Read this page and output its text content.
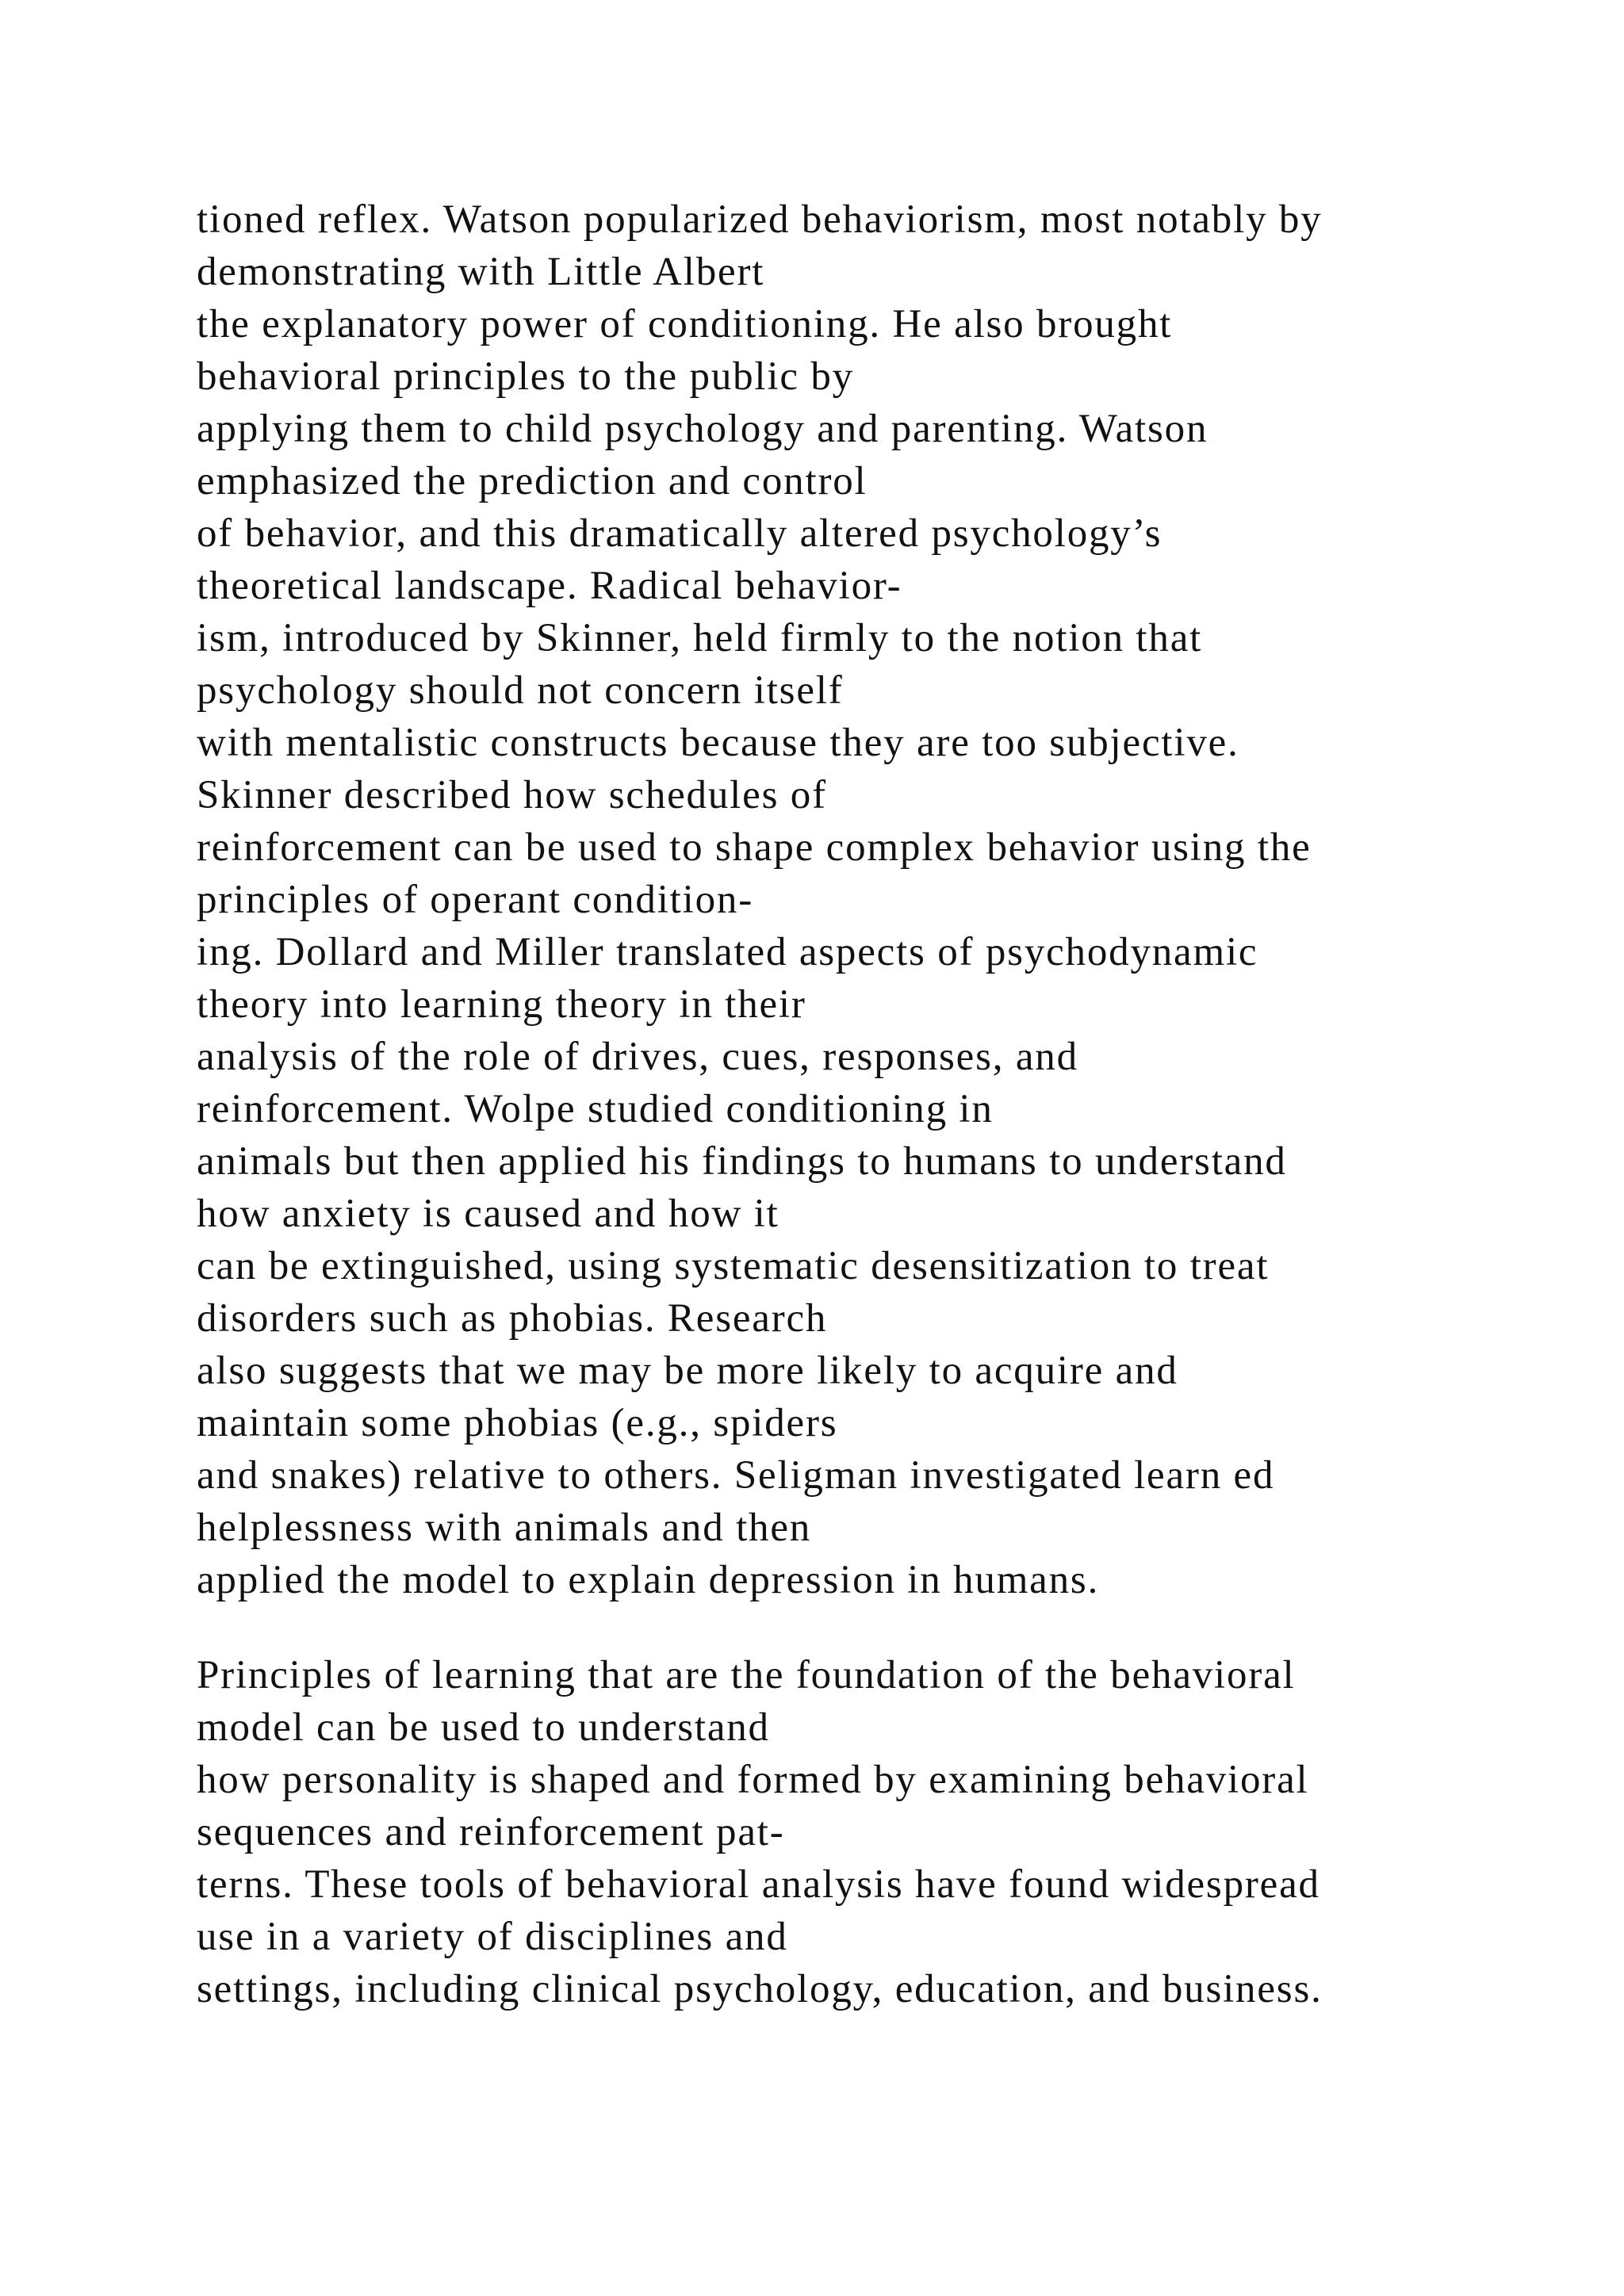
tioned reflex. Watson popularized behaviorism, most notably by
demonstrating with Little Albert
the explanatory power of conditioning. He also brought
behavioral principles to the public by
applying them to child psychology and parenting. Watson
emphasized the prediction and control
of behavior, and this dramatically altered psychology’s
theoretical landscape. Radical behavior-
ism, introduced by Skinner, held firmly to the notion that
psychology should not concern itself
with mentalistic constructs because they are too subjective.
Skinner described how schedules of
reinforcement can be used to shape complex behavior using the
principles of operant condition-
ing. Dollard and Miller translated aspects of psychodynamic
theory into learning theory in their
analysis of the role of drives, cues, responses, and
reinforcement. Wolpe studied conditioning in
animals but then applied his findings to humans to understand
how anxiety is caused and how it
can be extinguished, using systematic desensitization to treat
disorders such as phobias. Research
also suggests that we may be more likely to acquire and
maintain some phobias (e.g., spiders
and snakes) relative to others. Seligman investigated learn ed
helplessness with animals and then
applied the model to explain depression in humans.
Principles of learning that are the foundation of the behavioral
model can be used to understand
how personality is shaped and formed by examining behavioral
sequences and reinforcement pat-
terns. These tools of behavioral analysis have found widespread
use in a variety of disciplines and
settings, including clinical psychology, education, and business.
